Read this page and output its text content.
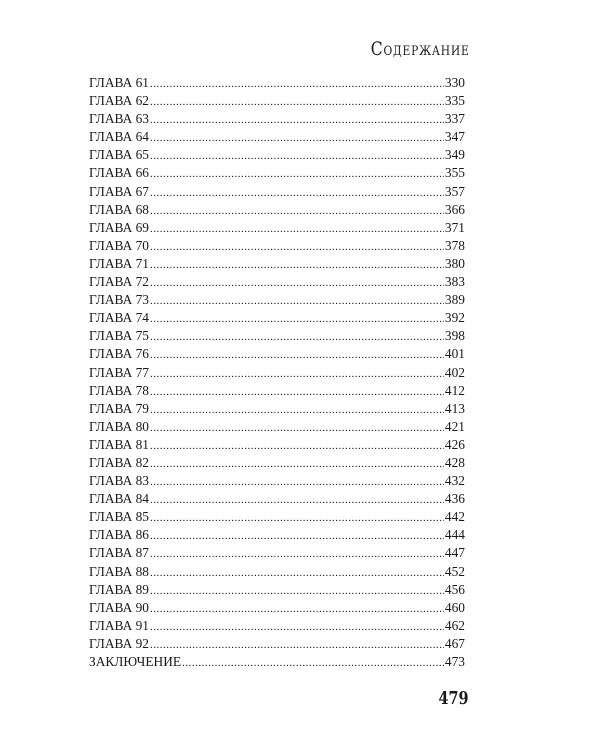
Содержание
ГЛАВА 61 .....	330
ГЛАВА 62 .....	335
ГЛАВА 63 .....	337
ГЛАВА 64 .....	347
ГЛАВА 65 .....	349
ГЛАВА 66 .....	355
ГЛАВА 67 .....	357
ГЛАВА 68 .....	366
ГЛАВА 69 .....	371
ГЛАВА 70 .....	378
ГЛАВА 71 .....	380
ГЛАВА 72 .....	383
ГЛАВА 73 .....	389
ГЛАВА 74 .....	392
ГЛАВА 75 .....	398
ГЛАВА 76 .....	401
ГЛАВА 77 .....	402
ГЛАВА 78 .....	412
ГЛАВА 79 .....	413
ГЛАВА 80 .....	421
ГЛАВА 81 .....	426
ГЛАВА 82 .....	428
ГЛАВА 83 .....	432
ГЛАВА 84 .....	436
ГЛАВА 85 .....	442
ГЛАВА 86 .....	444
ГЛАВА 87 .....	447
ГЛАВА 88 .....	452
ГЛАВА 89 .....	456
ГЛАВА 90 .....	460
ГЛАВА 91 .....	462
ГЛАВА 92 .....	467
ЗАКЛЮЧЕНИЕ .....	473
479
